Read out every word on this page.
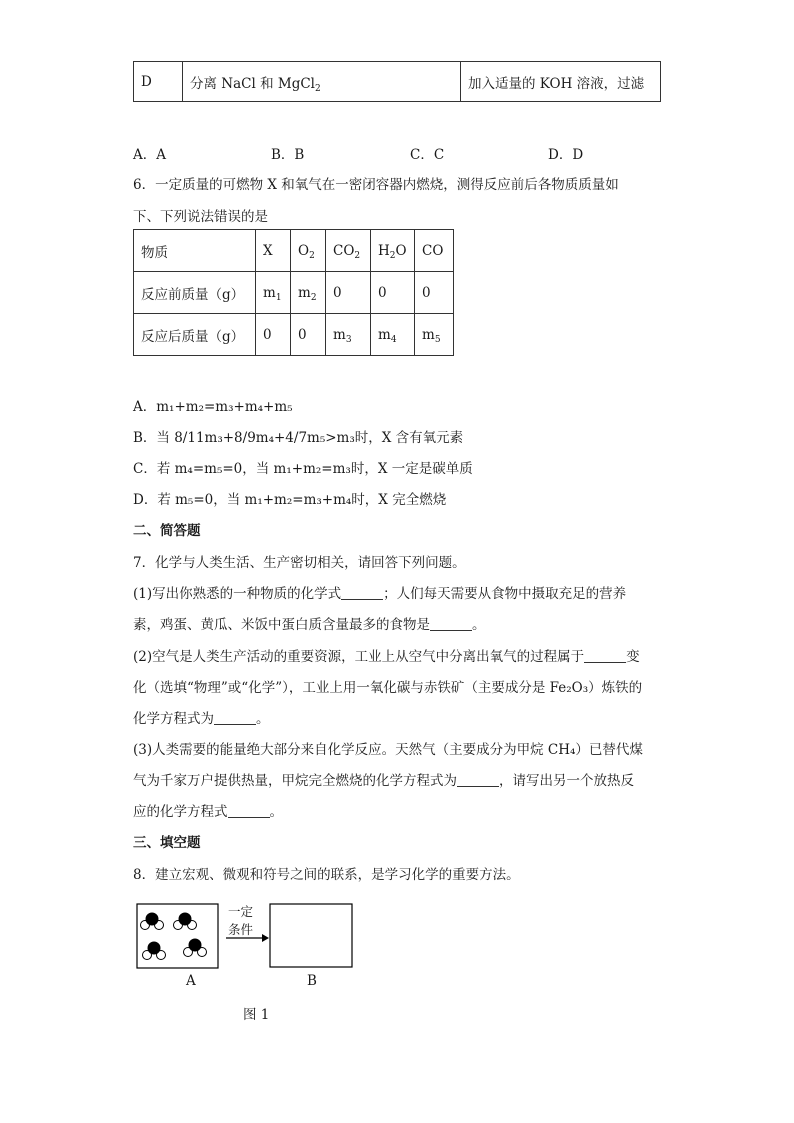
D	分离 NaCl 和 MgCl$_2$	加入适量的 KOH 溶液，过滤
A．A	B．B	C．C	D．D
6．一定质量的可燃物 X 和氧气在一密闭容器内燃烧，测得反应前后各物质质量如
下、下列说法错误的是
物质	X	$O_2$	$CO_2$	$H_2O$	CO
反应前质量（g）	$m_1$	$m_2$	0	0	0
反应后质量（g）	0	0	$m_3$	$m_4$	$m_5$
A．m₁+m₂=m₃+m₄+m₅
B．当 8/11m₃+8/9m₄+4/7m₅>m₃时，X 含有氧元素
C．若 m₄=m₅=0，当 m₁+m₂=m₃时，X 一定是碳单质
D．若 m₅=0，当 m₁+m₂=m₃+m₄时，X 完全燃烧
二、简答题
7．化学与人类生活、生产密切相关，请回答下列问题。
(1)写出你熟悉的一种物质的化学式	；人们每天需要从食物中摄取充足的营养
素，鸡蛋、黄瓜、米饭中蛋白质含量最多的食物是	。
(2)空气是人类生产活动的重要资源，工业上从空气中分离出氧气的过程属于	变
化（选填“物理”或“化学”），工业上用一氧化碳与赤铁矿（主要成分是 Fe₂O₃）炼铁的
化学方程式为	。
(3)人类需要的能量绝大部分来自化学反应。天然气（主要成分为甲烷 CH₄）已替代煤
气为千家万户提供热量，甲烷完全燃烧的化学方程式为	，请写出另一个放热反
应的化学方程式	。
三、填空题
8．建立宏观、微观和符号之间的联系，是学习化学的重要方法。
一定
条件
A	B
图 1
